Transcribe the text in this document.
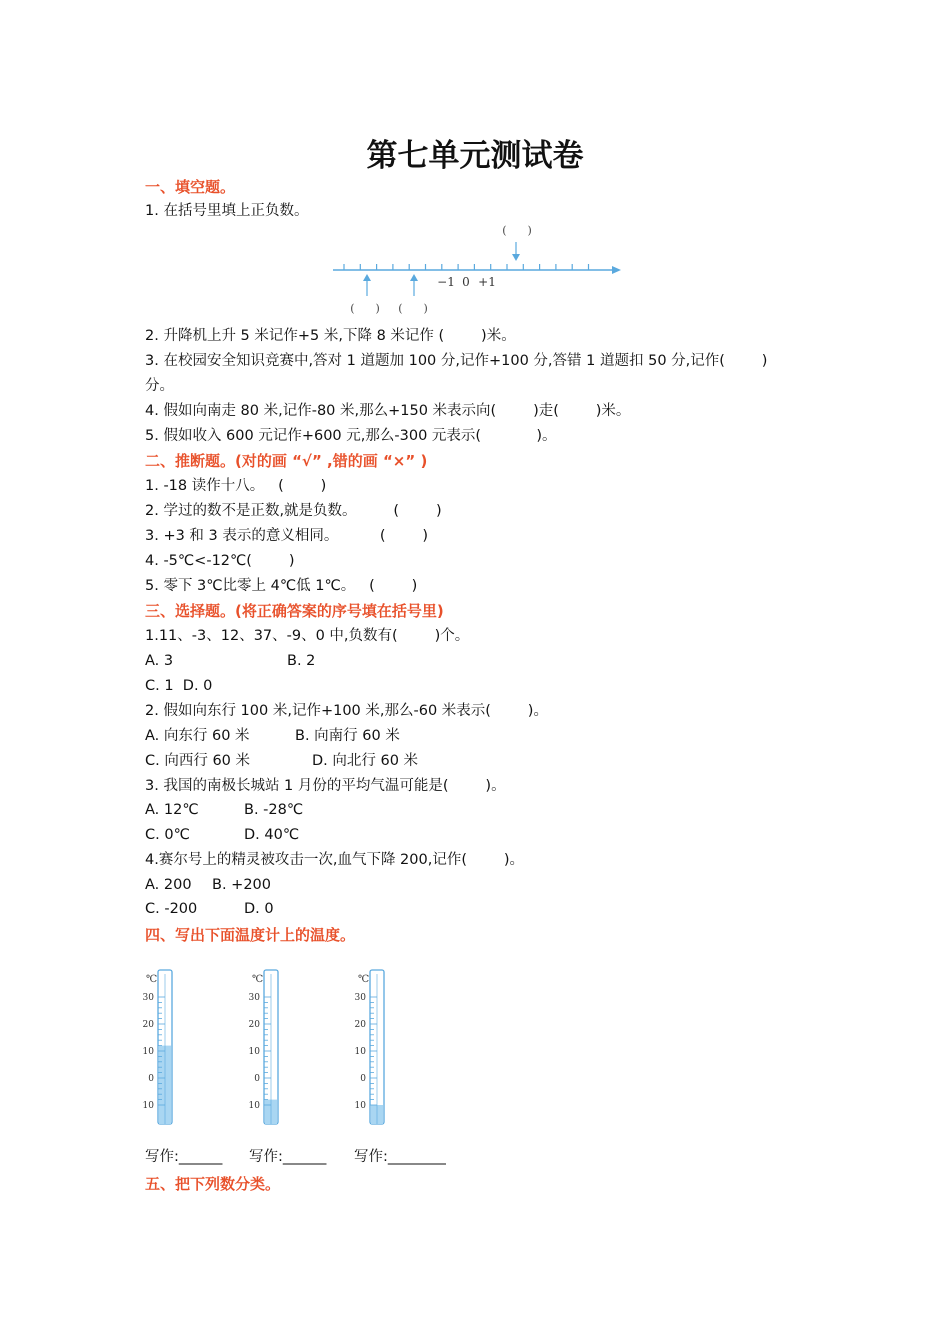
第七单元测试卷
一、填空题。
1. 在括号里填上正负数。
(      )
−1 0 +1
(      ) (      )
2. 升降机上升 5 米记作+5 米,下降 8 米记作 (        )米。
3. 在校园安全知识竞赛中,答对 1 道题加 100 分,记作+100 分,答错 1 道题扣 50 分,记作(        )
分。
4. 假如向南走 80 米,记作-80 米,那么+150 米表示向(        )走(        )米。
5. 假如收入 600 元记作+600 元,那么-300 元表示(            )。
二、推断题。(对的画 “√” ,错的画 “×” )
1. -18 读作十八。   (        )
2. 学过的数不是正数,就是负数。        (        )
3. +3 和 3 表示的意义相同。         (        )
4. -5℃<-12℃(        )
5. 零下 3℃比零上 4℃低 1℃。   (        )
三、选择题。(将正确答案的序号填在括号里)
1.11、-3、12、37、-9、0 中,负数有(        )个。
A. 3	B. 2
C. 1  D. 0
2. 假如向东行 100 米,记作+100 米,那么-60 米表示(        )。
A. 向东行 60 米	B. 向南行 60 米
C. 向西行 60 米	D. 向北行 60 米
3. 我国的南极长城站 1 月份的平均气温可能是(        )。
A. 12℃	B. -28℃
C. 0℃	D. 40℃
4.赛尔号上的精灵被攻击一次,血气下降 200,记作(        )。
A. 200 B. +200
C. -200	D. 0
四、写出下面温度计上的温度。
℃
30
20
10
0
10
℃
30
20
10
0
10
℃
30
20
10
0
10
写作:______ 写作:______ 写作:________
五、把下列数分类。
